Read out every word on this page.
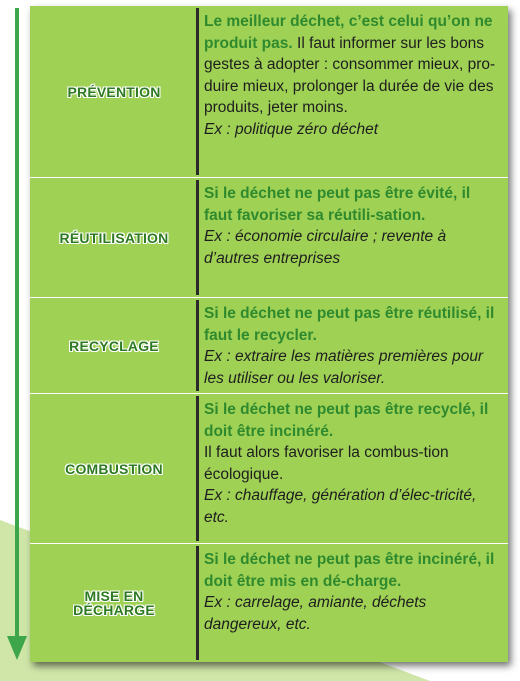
PRÉVENTION
Le meilleur déchet, c’est celui qu’on ne produit pas. Il faut informer sur les bons gestes à adopter : consommer mieux, pro-duire mieux, prolonger la durée de vie des produits, jeter moins.
Ex : politique zéro déchet
RÉUTILISATION
Si le déchet ne peut pas être évité, il faut favoriser sa réutili-sation.
Ex : économie circulaire ; revente à d’autres entreprises
RECYCLAGE
Si le déchet ne peut pas être réutilisé, il faut le recycler.
Ex : extraire les matières premières pour les utiliser ou les valoriser.
COMBUSTION
Si le déchet ne peut pas être recyclé, il doit être incinéré.
Il faut alors favoriser la combus-tion écologique.
Ex : chauffage, génération d’élec-tricité, etc.
MISE EN DÉCHARGE
Si le déchet ne peut pas être incinéré, il doit être mis en dé-charge.
Ex : carrelage, amiante, déchets dangereux, etc.
